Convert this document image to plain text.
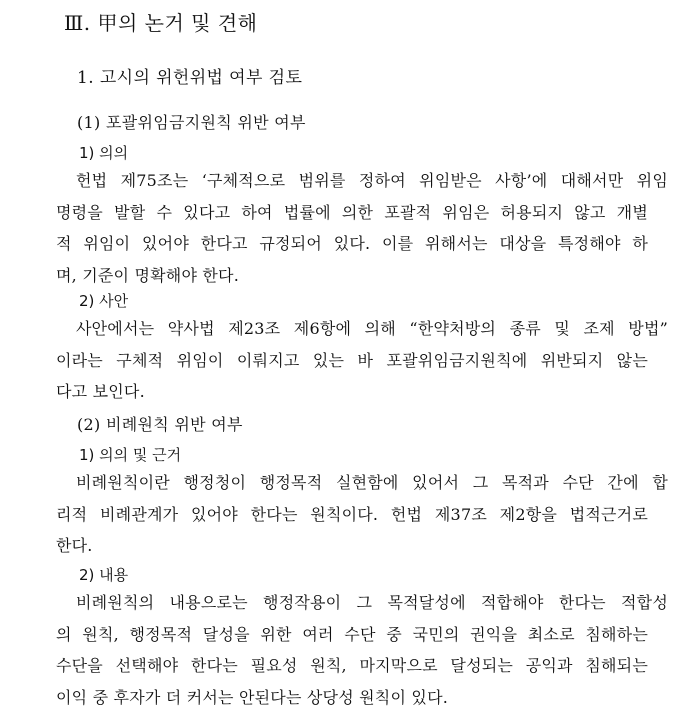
Ⅲ. 甲의 논거 및 견해
1. 고시의 위헌위법 여부 검토
(1) 포괄위임금지원칙 위반 여부
1) 의의
헌법 제75조는 ‘구체적으로 범위를 정하여 위임받은 사항’에 대해서만 위임
명령을 발할 수 있다고 하여 법률에 의한 포괄적 위임은 허용되지 않고 개별
적 위임이 있어야 한다고 규정되어 있다. 이를 위해서는 대상을 특정해야 하
며, 기준이 명확해야 한다.
2) 사안
사안에서는 약사법 제23조 제6항에 의해 “한약처방의 종류 및 조제 방법”
이라는 구체적 위임이 이뤄지고 있는 바 포괄위임금지원칙에 위반되지 않는
다고 보인다.
(2) 비례원칙 위반 여부
1) 의의 및 근거
비례원칙이란 행정청이 행정목적 실현함에 있어서 그 목적과 수단 간에 합
리적 비례관계가 있어야 한다는 원칙이다. 헌법 제37조 제2항을 법적근거로
한다.
2) 내용
비례원칙의 내용으로는 행정작용이 그 목적달성에 적합해야 한다는 적합성
의 원칙, 행정목적 달성을 위한 여러 수단 중 국민의 권익을 최소로 침해하는
수단을 선택해야 한다는 필요성 원칙, 마지막으로 달성되는 공익과 침해되는
이익 중 후자가 더 커서는 안된다는 상당성 원칙이 있다.
